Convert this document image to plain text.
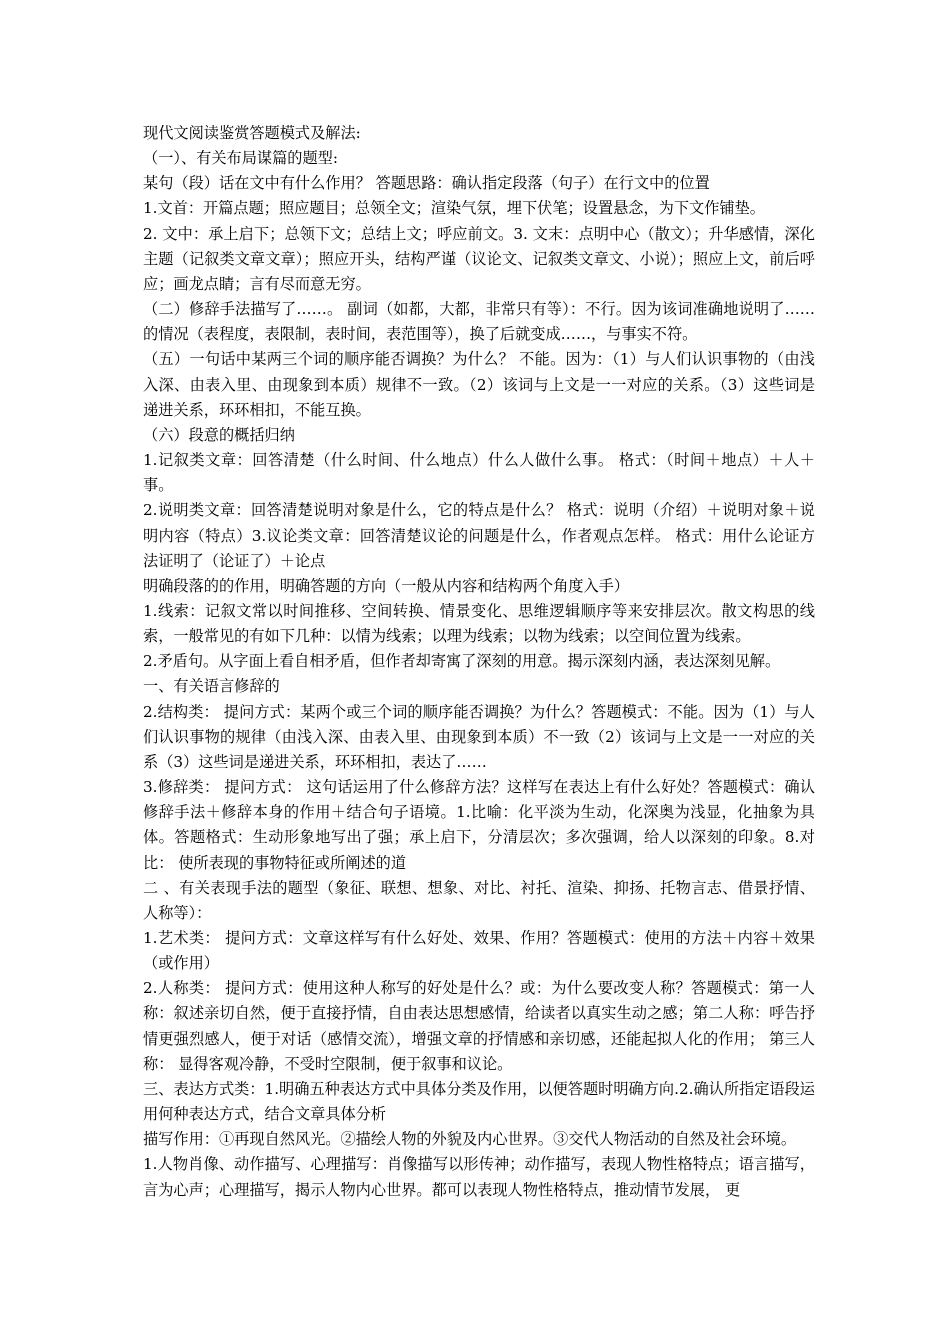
现代文阅读鉴赏答题模式及解法:

（一）、有关布局谋篇的题型:

某句（段）话在文中有什么作用？ 答题思路：确认指定段落（句子）在行文中的位置

1.文首：开篇点题；照应题目；总领全文；渲染气氛，埋下伏笔；设置悬念，为下文作铺垫。

2. 文中：承上启下；总领下文；总结上文；呼应前文。3. 文末：点明中心（散文）；升华感情，深化主题（记叙类文章文章）；照应开头，结构严谨（议论文、记叙类文章文、小说）；照应上文，前后呼应；画龙点睛；言有尽而意无穷。

（二）修辞手法描写了……。 副词（如都，大都，非常只有等）：不行。因为该词准确地说明了……的情况（表程度，表限制，表时间，表范围等），换了后就变成……，与事实不符。

（五）一句话中某两三个词的顺序能否调换？为什么？ 不能。因为：（1）与人们认识事物的（由浅入深、由表入里、由现象到本质）规律不一致。（2）该词与上文是一一对应的关系。（3）这些词是递进关系，环环相扣，不能互换。

（六）段意的概括归纳

1.记叙类文章：回答清楚（什么时间、什么地点）什么人做什么事。 格式：（时间＋地点）＋人＋事。

2.说明类文章：回答清楚说明对象是什么，它的特点是什么？ 格式：说明（介绍）＋说明对象＋说明内容（特点）3.议论类文章：回答清楚议论的问题是什么，作者观点怎样。 格式：用什么论证方法证明了（论证了）＋论点

明确段落的的作用，明确答题的方向（一般从内容和结构两个角度入手）

1.线索：记叙文常以时间推移、空间转换、情景变化、思维逻辑顺序等来安排层次。散文构思的线索，一般常见的有如下几种：以情为线索；以理为线索；以物为线索；以空间位置为线索。

2.矛盾句。从字面上看自相矛盾，但作者却寄寓了深刻的用意。揭示深刻内涵，表达深刻见解。

一、有关语言修辞的

2.结构类： 提问方式：某两个或三个词的顺序能否调换？为什么？答题模式：不能。因为（1）与人们认识事物的规律（由浅入深、由表入里、由现象到本质）不一致（2）该词与上文是一一对应的关系（3）这些词是递进关系，环环相扣，表达了……

3.修辞类： 提问方式： 这句话运用了什么修辞方法？这样写在表达上有什么好处？答题模式：确认修辞手法＋修辞本身的作用＋结合句子语境。1.比喻：化平淡为生动，化深奥为浅显，化抽象为具体。答题格式：生动形象地写出了强；承上启下，分清层次；多次强调，给人以深刻的印象。8.对比： 使所表现的事物特征或所阐述的道

二 、有关表现手法的题型（象征、联想、想象、对比、衬托、渲染、抑扬、托物言志、借景抒情、人称等）：

1.艺术类： 提问方式：文章这样写有什么好处、效果、作用？答题模式：使用的方法＋内容＋效果（或作用）

2.人称类： 提问方式：使用这种人称写的好处是什么？或：为什么要改变人称？答题模式：第一人称：叙述亲切自然，便于直接抒情，自由表达思想感情，给读者以真实生动之感；第二人称：呼告抒情更强烈感人，便于对话（感情交流），增强文章的抒情感和亲切感，还能起拟人化的作用； 第三人称： 显得客观冷静，不受时空限制，便于叙事和议论。

三、表达方式类：1.明确五种表达方式中具体分类及作用，以便答题时明确方向.2.确认所指定语段运用何种表达方式，结合文章具体分析

描写作用：①再现自然风光。②描绘人物的外貌及内心世界。③交代人物活动的自然及社会环境。

1.人物肖像、动作描写、心理描写：肖像描写以形传神；动作描写，表现人物性格特点；语言描写，言为心声；心理描写，揭示人物内心世界。都可以表现人物性格特点，推动情节发展， 更
